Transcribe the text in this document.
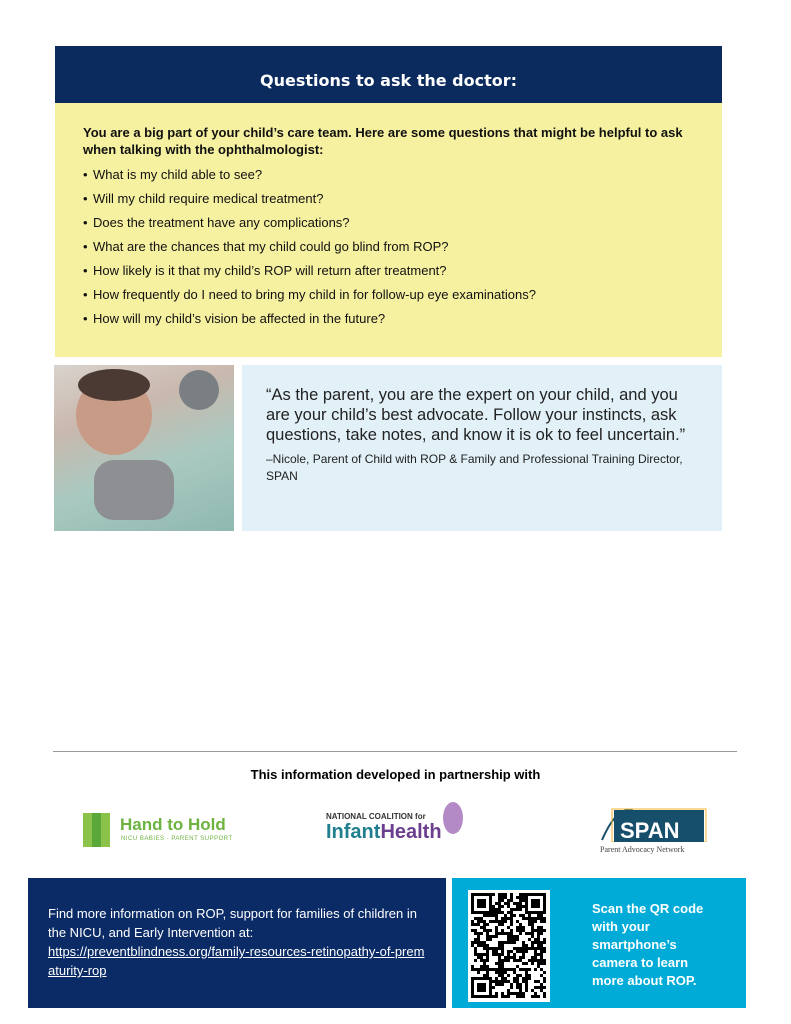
Questions to ask the doctor:
You are a big part of your child’s care team. Here are some questions that might be helpful to ask when talking with the ophthalmologist:
• What is my child able to see?
• Will my child require medical treatment?
• Does the treatment have any complications?
• What are the chances that my child could go blind from ROP?
• How likely is it that my child’s ROP will return after treatment?
• How frequently do I need to bring my child in for follow-up eye examinations?
• How will my child’s vision be affected in the future?
“As the parent, you are the expert on your child, and you are your child’s best advocate. Follow your instincts, ask questions, take notes, and know it is ok to feel uncertain.”
–Nicole, Parent of Child with ROP & Family and Professional Training Director, SPAN
This information developed in partnership with
Hand to Hold
NICU BABIES · PARENT SUPPORT
NATIONAL COALITION for
InfantHealth	SPAN
Parent Advocacy Network
Find more information on ROP, support for families of children in the NICU, and Early Intervention at:
https://preventblindness.org/family-resources-retinopathy-of-prematurity-rop
Scan the QR code with your smartphone’s camera to learn more about ROP.
